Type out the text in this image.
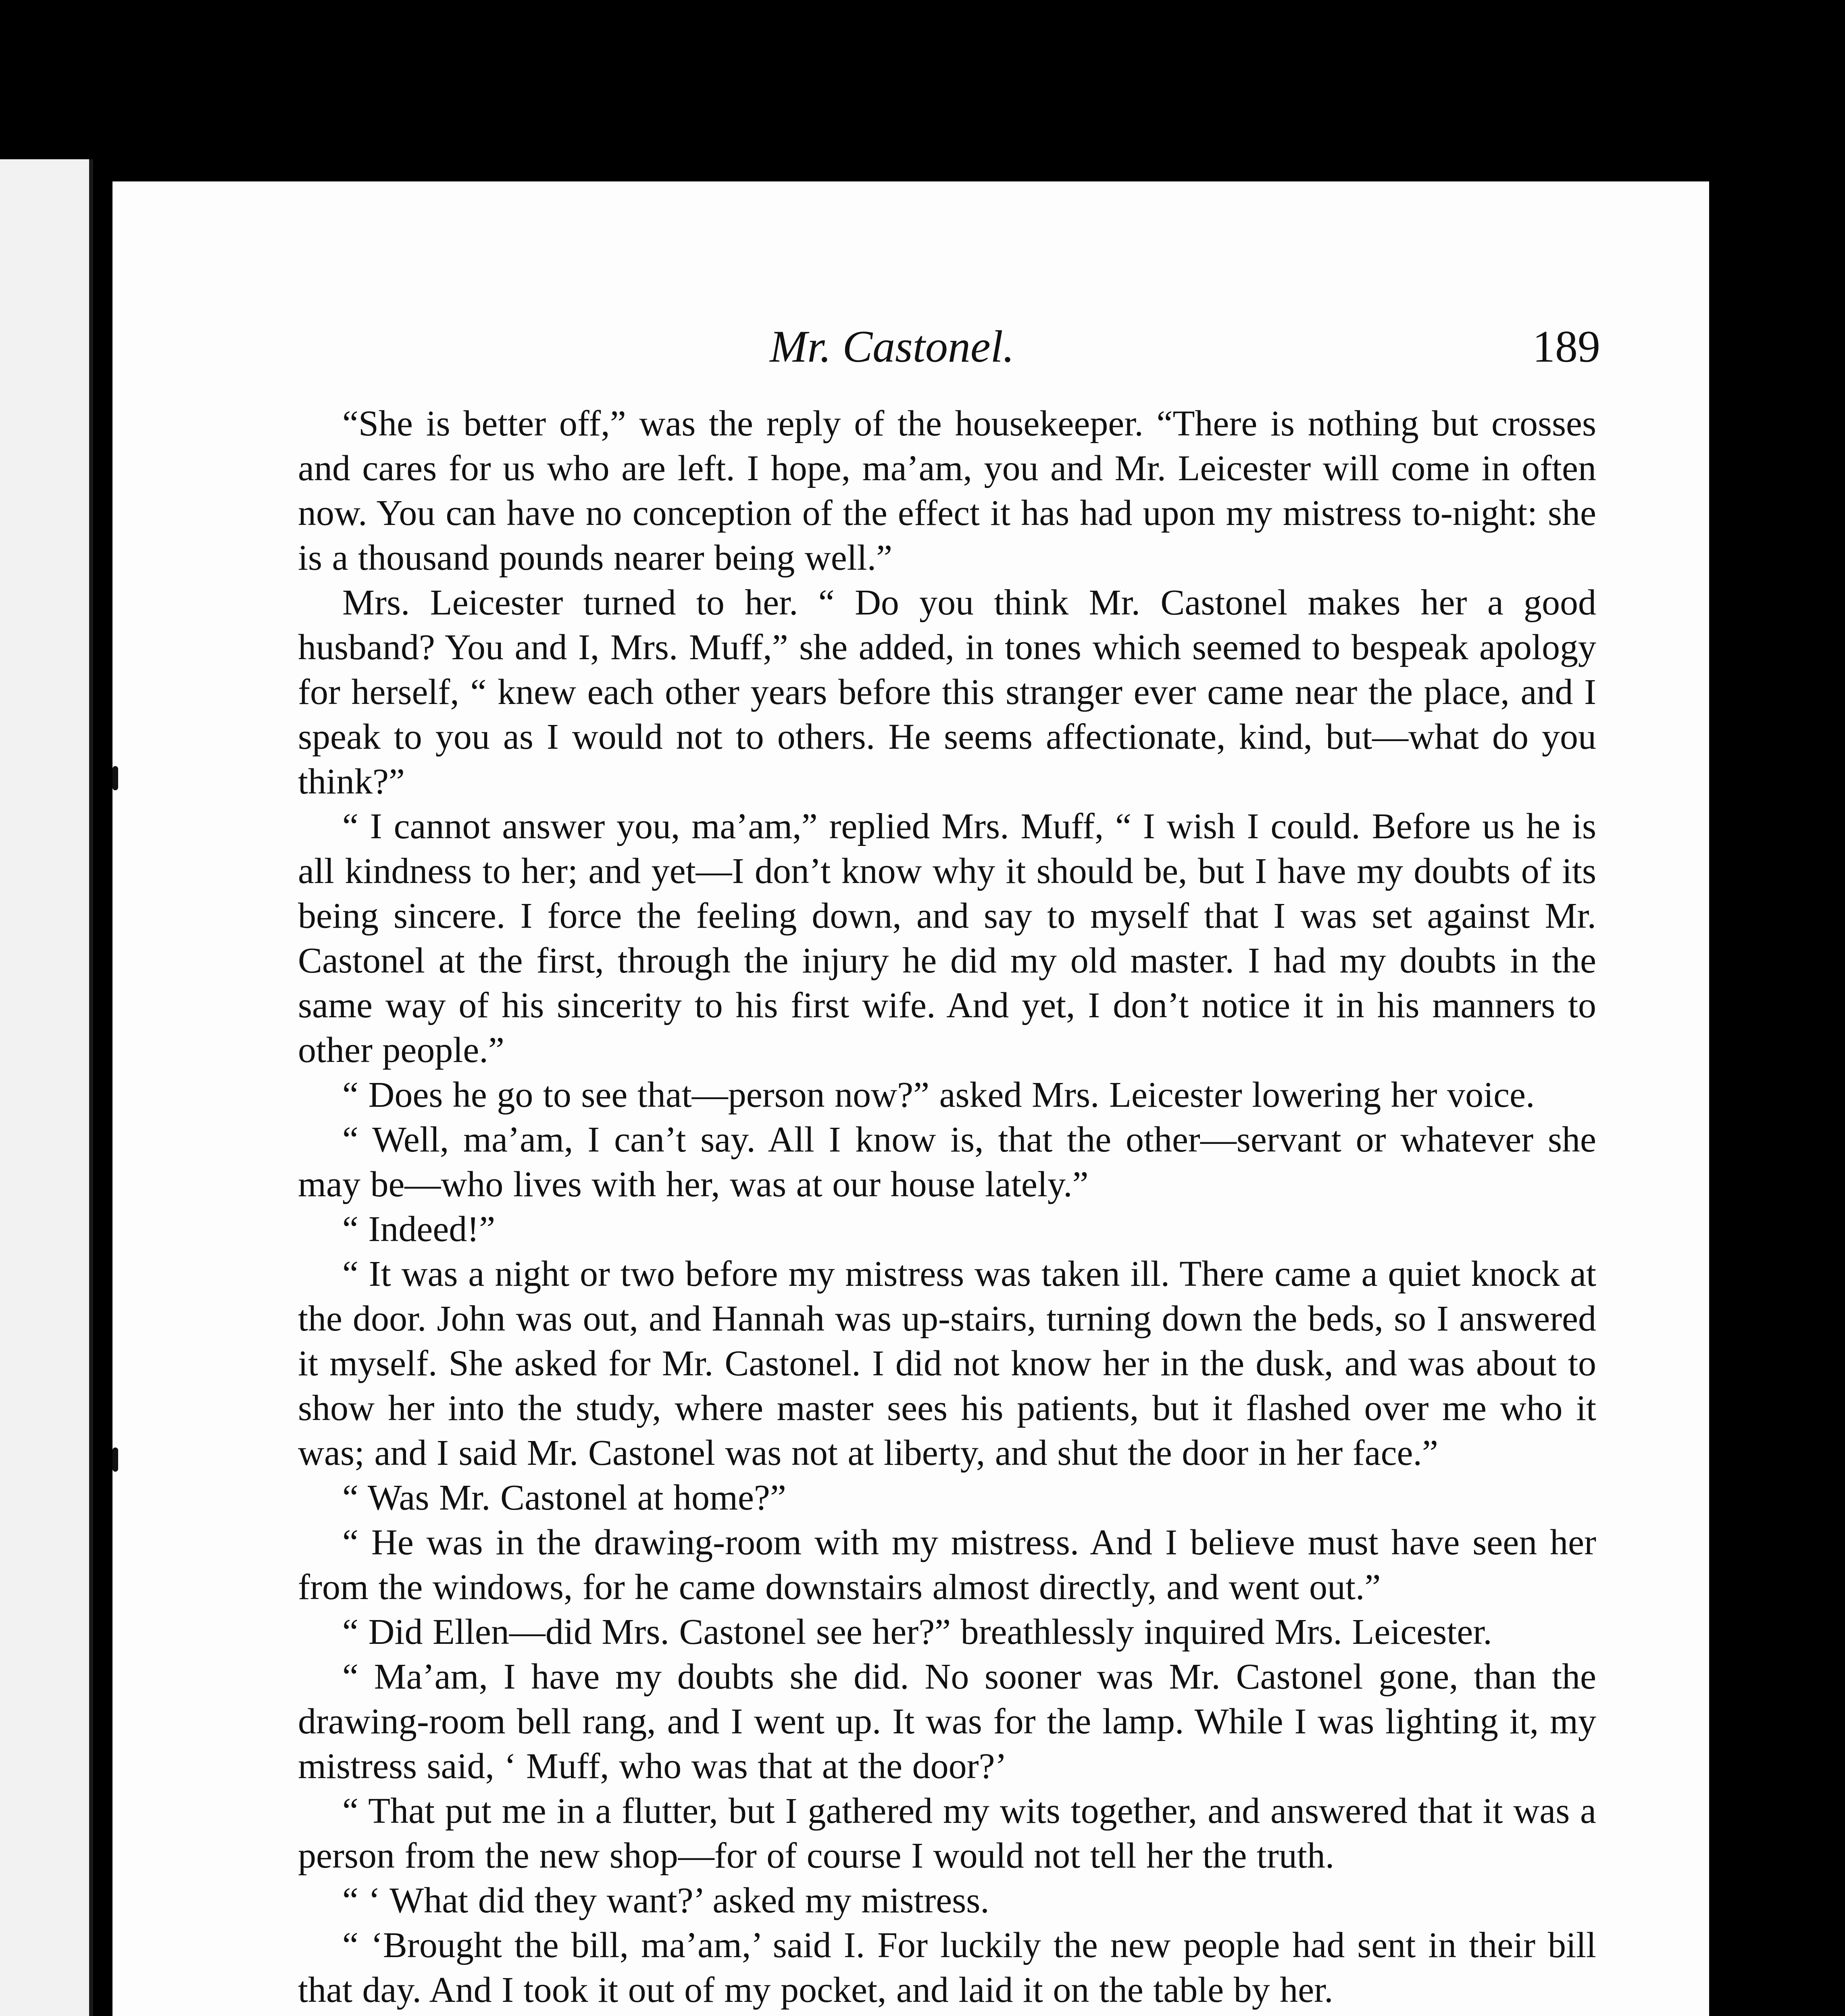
Mr. Castonel.	189

“She is better off,” was the reply of the housekeeper. “There is nothing but crosses and cares for us who are left. I hope, ma’am, you and Mr. Leicester will come in often now. You can have no conception of the effect it has had upon my mistress to-night: she is a thousand pounds nearer being well.”

Mrs. Leicester turned to her. “ Do you think Mr. Castonel makes her a good husband? You and I, Mrs. Muff,” she added, in tones which seemed to bespeak apology for herself, “ knew each other years before this stranger ever came near the place, and I speak to you as I would not to others. He seems affectionate, kind, but—what do you think?”

“ I cannot answer you, ma’am,” replied Mrs. Muff, “ I wish I could. Before us he is all kindness to her; and yet—I don’t know why it should be, but I have my doubts of its being sincere. I force the feeling down, and say to myself that I was set against Mr. Castonel at the first, through the injury he did my old master. I had my doubts in the same way of his sincerity to his first wife. And yet, I don’t notice it in his manners to other people.”

“ Does he go to see that—person now?” asked Mrs. Leicester lowering her voice.

“ Well, ma’am, I can’t say. All I know is, that the other—servant or whatever she may be—who lives with her, was at our house lately.”

“ Indeed!”

“ It was a night or two before my mistress was taken ill. There came a quiet knock at the door. John was out, and Hannah was up-stairs, turning down the beds, so I answered it myself. She asked for Mr. Castonel. I did not know her in the dusk, and was about to show her into the study, where master sees his patients, but it flashed over me who it was; and I said Mr. Castonel was not at liberty, and shut the door in her face.”

“ Was Mr. Castonel at home?”

“ He was in the drawing-room with my mistress. And I believe must have seen her from the windows, for he came downstairs almost directly, and went out.”

“ Did Ellen—did Mrs. Castonel see her?” breathlessly inquired Mrs. Leicester.

“ Ma’am, I have my doubts she did. No sooner was Mr. Castonel gone, than the drawing-room bell rang, and I went up. It was for the lamp. While I was lighting it, my mistress said, ‘ Muff, who was that at the door?’

“ That put me in a flutter, but I gathered my wits together, and answered that it was a person from the new shop—for of course I would not tell her the truth.

“ ‘ What did they want?’ asked my mistress.

“ ‘Brought the bill, ma’am,’ said I. For luckily the new people had sent in their bill that day. And I took it out of my pocket, and laid it on the table by her.
